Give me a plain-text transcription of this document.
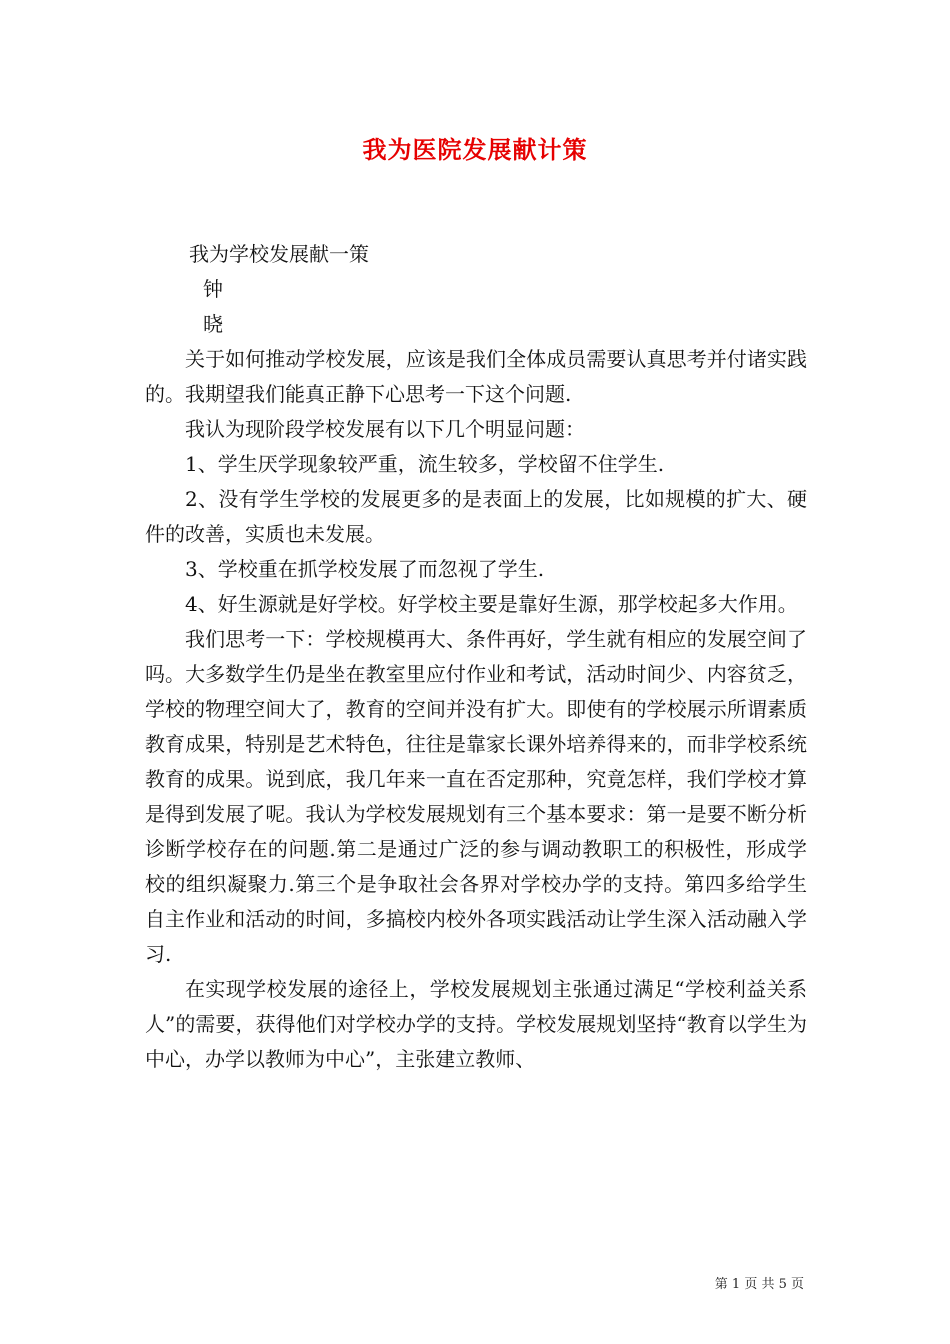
我为医院发展献计策

我为学校发展献一策

钟

晓

关于如何推动学校发展，应该是我们全体成员需要认真思考并付诸实践的。我期望我们能真正静下心思考一下这个问题.

我认为现阶段学校发展有以下几个明显问题：

1、学生厌学现象较严重，流生较多，学校留不住学生.

2、没有学生学校的发展更多的是表面上的发展，比如规模的扩大、硬件的改善，实质也未发展。

3、学校重在抓学校发展了而忽视了学生.

4、好生源就是好学校。好学校主要是靠好生源，那学校起多大作用。

我们思考一下：学校规模再大、条件再好，学生就有相应的发展空间了吗。大多数学生仍是坐在教室里应付作业和考试，活动时间少、内容贫乏，学校的物理空间大了，教育的空间并没有扩大。即使有的学校展示所谓素质教育成果，特别是艺术特色，往往是靠家长课外培养得来的，而非学校系统教育的成果。说到底，我几年来一直在否定那种，究竟怎样，我们学校才算是得到发展了呢。我认为学校发展规划有三个基本要求：第一是要不断分析诊断学校存在的问题.第二是通过广泛的参与调动教职工的积极性，形成学校的组织凝聚力.第三个是争取社会各界对学校办学的支持。第四多给学生自主作业和活动的时间，多搞校内校外各项实践活动让学生深入活动融入学习.

在实现学校发展的途径上，学校发展规划主张通过满足“学校利益关系人”的需要，获得他们对学校办学的支持。学校发展规划坚持“教育以学生为中心，办学以教师为中心”，主张建立教师、

第 1 页 共 5 页
